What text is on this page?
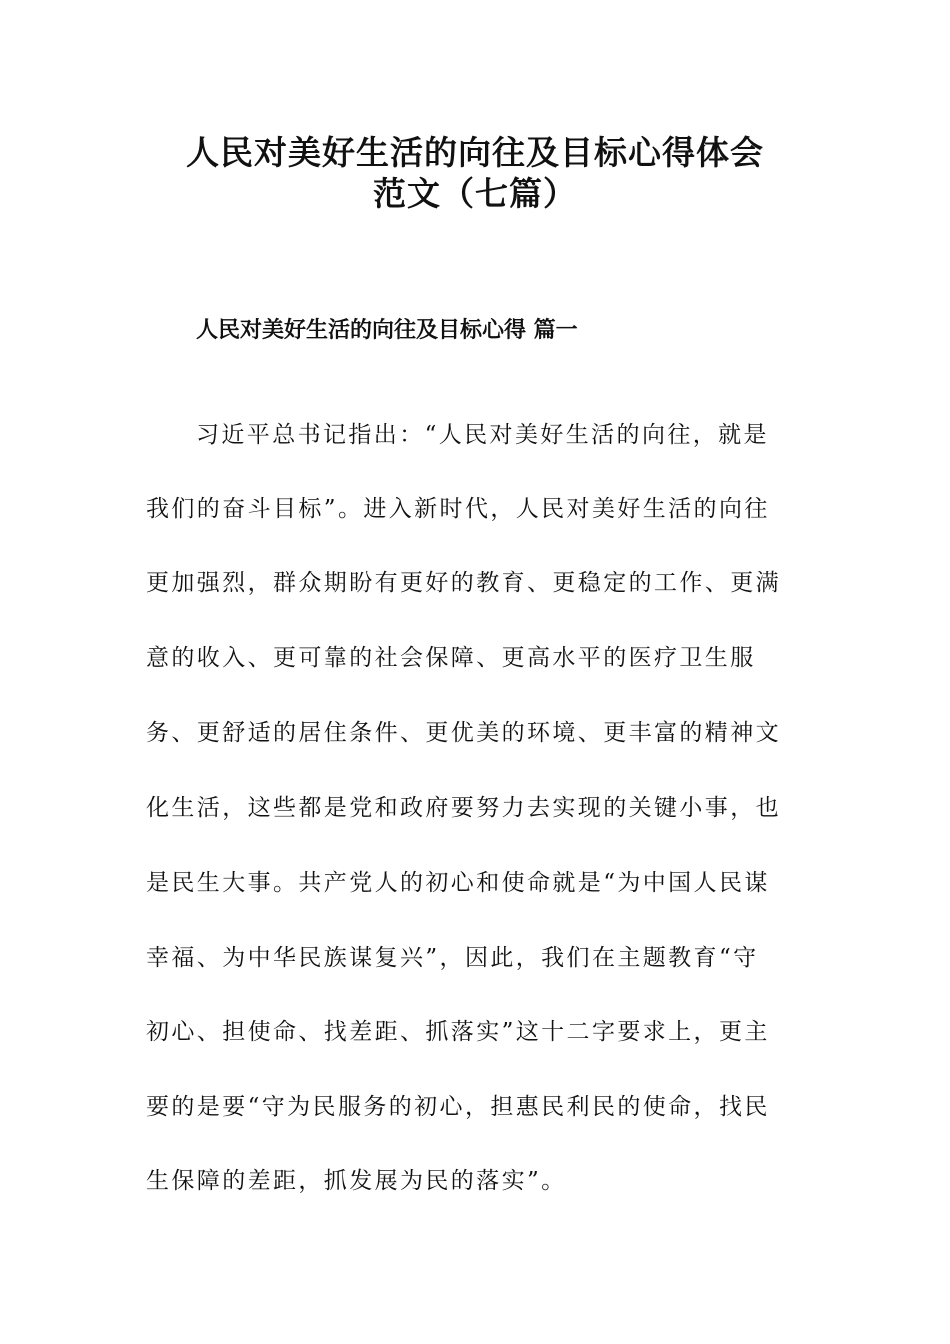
人民对美好生活的向往及目标心得体会
范文（七篇）
人民对美好生活的向往及目标心得 篇一
习近平总书记指出：“人民对美好生活的向往，就是
我们的奋斗目标”。进入新时代，人民对美好生活的向往
更加强烈，群众期盼有更好的教育、更稳定的工作、更满
意的收入、更可靠的社会保障、更高水平的医疗卫生服
务、更舒适的居住条件、更优美的环境、更丰富的精神文
化生活，这些都是党和政府要努力去实现的关键小事，也
是民生大事。共产党人的初心和使命就是“为中国人民谋
幸福、为中华民族谋复兴”，因此，我们在主题教育“守
初心、担使命、找差距、抓落实”这十二字要求上，更主
要的是要“守为民服务的初心，担惠民利民的使命，找民
生保障的差距，抓发展为民的落实”。
